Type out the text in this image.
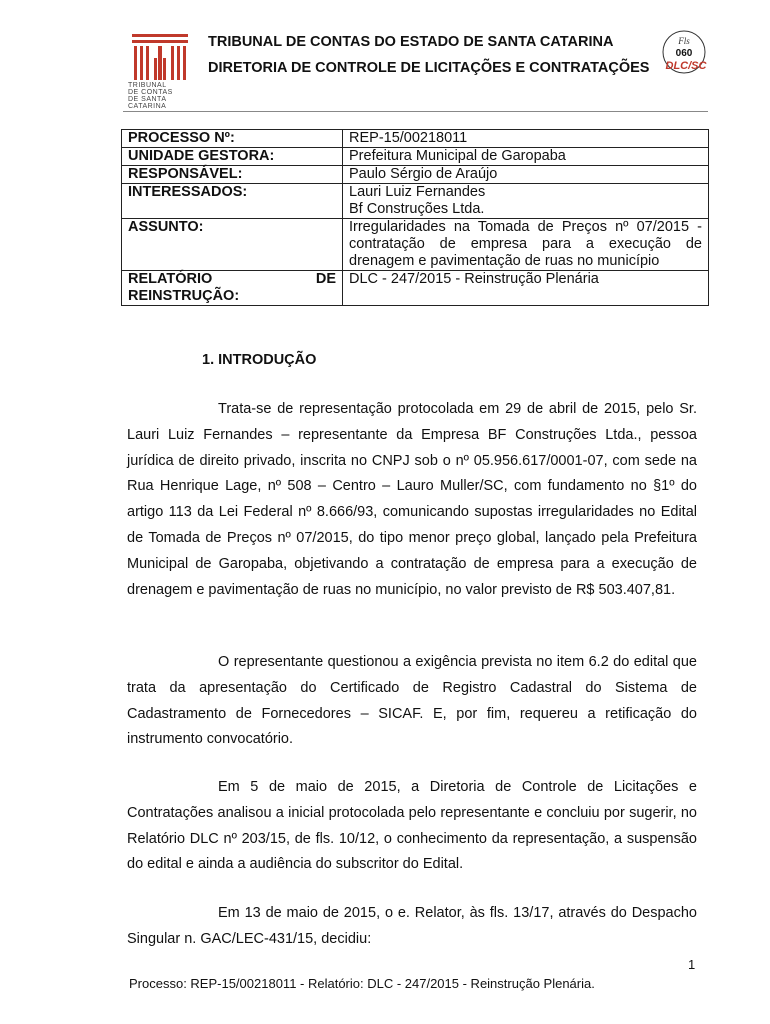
TRIBUNAL
DE CONTAS
DE SANTA
CATARINA
TRIBUNAL DE CONTAS DO ESTADO DE SANTA CATARINA
DIRETORIA DE CONTROLE DE LICITAÇÕES E CONTRATAÇÕES
Fls
060
DLC/SC
PROCESSO Nº:	REP-15/00218011
UNIDADE GESTORA:	Prefeitura Municipal de Garopaba
RESPONSÁVEL:	Paulo Sérgio de Araújo
INTERESSADOS:	Lauri Luiz Fernandes
Bf Construções Ltda.

ASSUNTO:	Irregularidades na Tomada de Preços nº 07/2015 - contratação de empresa para a execução de drenagem e pavimentação de ruas no município

RELATÓRIO DE
REINSTRUÇÃO:	DLC - 247/2015 - Reinstrução Plenária
1. INTRODUÇÃO
Trata-se de representação protocolada em 29 de abril de 2015, pelo Sr. Lauri Luiz Fernandes – representante da Empresa BF Construções Ltda., pessoa jurídica de direito privado, inscrita no CNPJ sob o nº 05.956.617/0001-07, com sede na Rua Henrique Lage, nº 508 – Centro – Lauro Muller/SC, com fundamento no §1º do artigo 113 da Lei Federal nº 8.666/93, comunicando supostas irregularidades no Edital de Tomada de Preços nº 07/2015, do tipo menor preço global, lançado pela Prefeitura Municipal de Garopaba, objetivando a contratação de empresa para a execução de drenagem e pavimentação de ruas no município, no valor previsto de R$ 503.407,81.
O representante questionou a exigência prevista no item 6.2 do edital que trata da apresentação do Certificado de Registro Cadastral do Sistema de Cadastramento de Fornecedores – SICAF. E, por fim, requereu a retificação do instrumento convocatório.
Em 5 de maio de 2015, a Diretoria de Controle de Licitações e Contratações analisou a inicial protocolada pelo representante e concluiu por sugerir, no Relatório DLC nº 203/15, de fls. 10/12, o conhecimento da representação, a suspensão do edital e ainda a audiência do subscritor do Edital.
Em 13 de maio de 2015, o e. Relator, às fls. 13/17, através do Despacho Singular n. GAC/LEC-431/15, decidiu:
1
Processo: REP-15/00218011 - Relatório: DLC - 247/2015 - Reinstrução Plenária.
